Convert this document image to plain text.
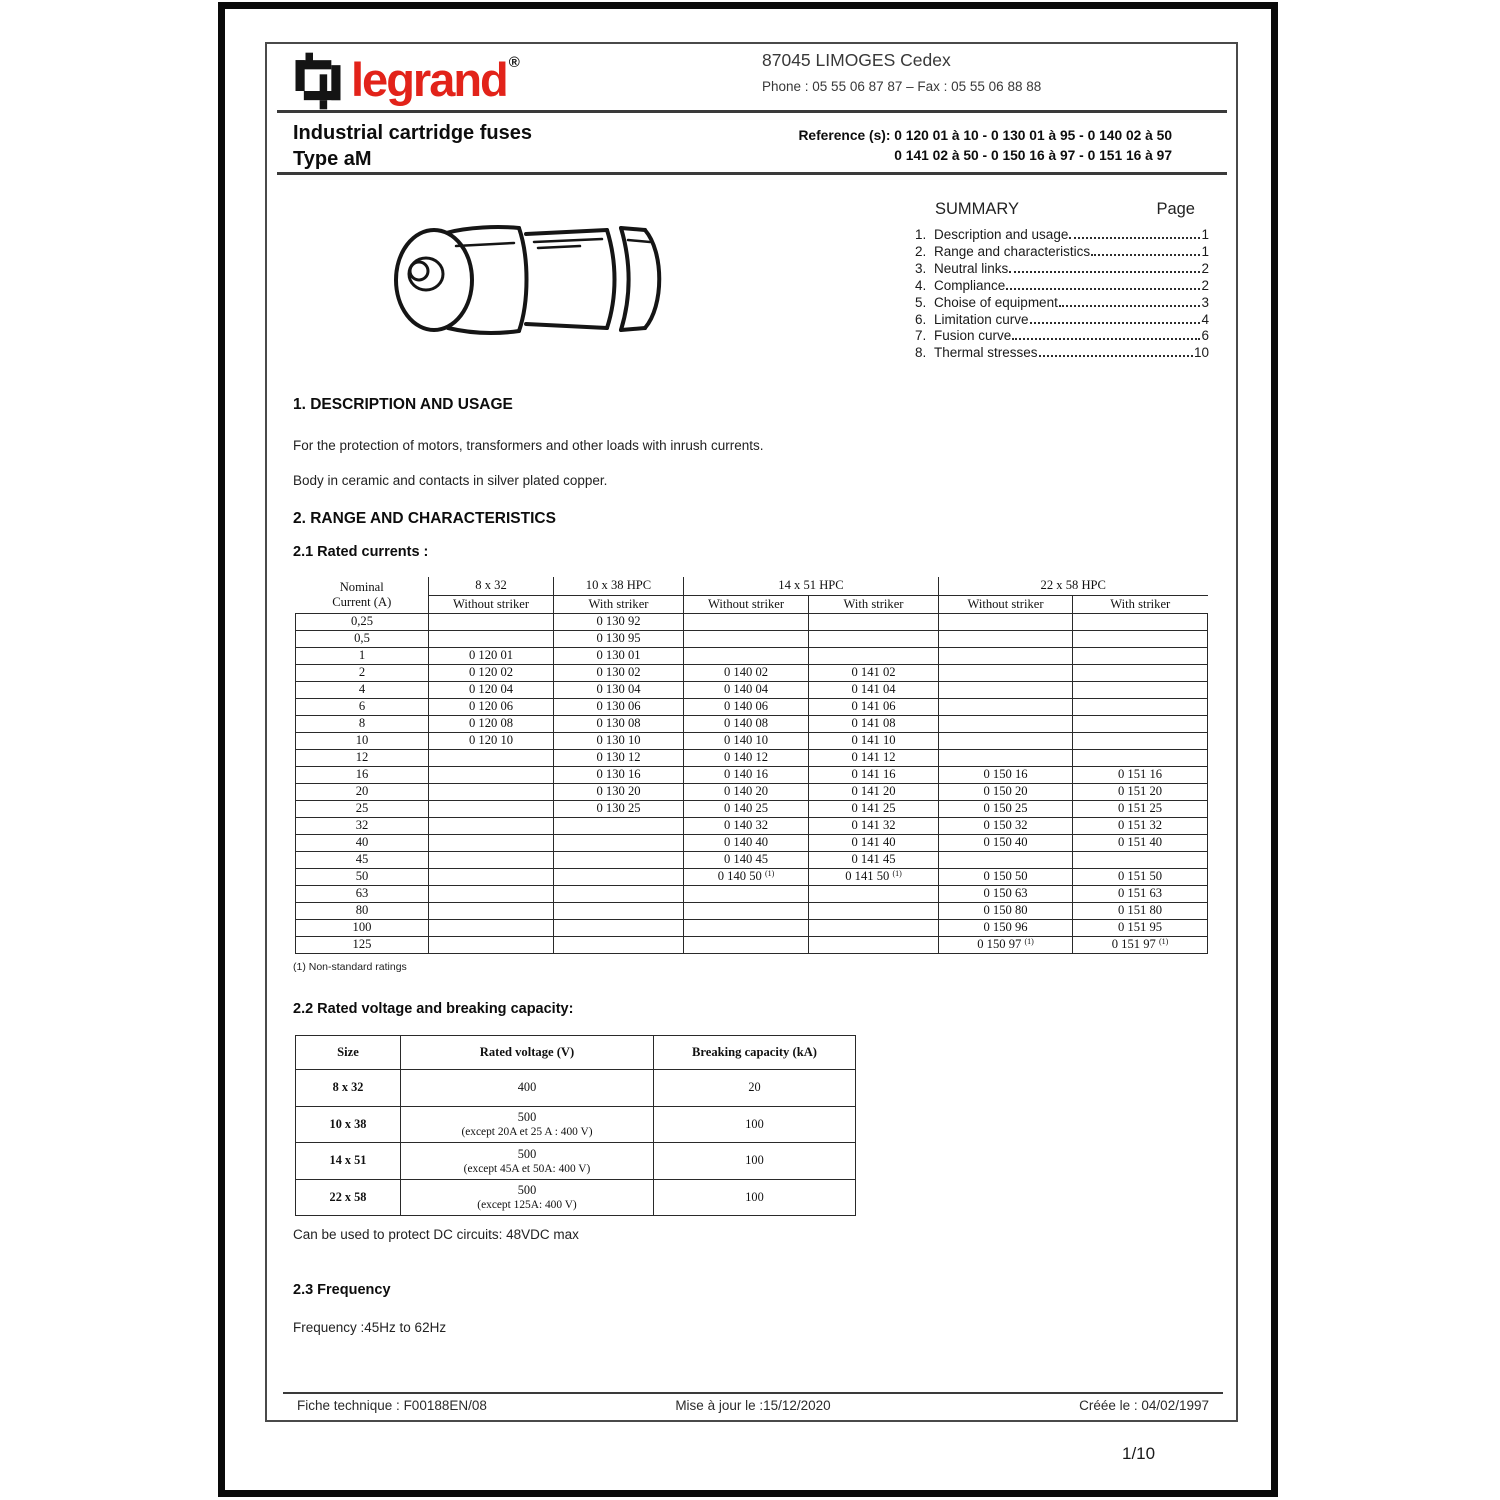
legrand ®	87045 LIMOGES Cedex
Phone : 05 55 06 87 87 – Fax : 05 55 06 88 88
Industrial cartridge fuses
Type aM
Reference (s): 0 120 01 à 10 - 0 130 01 à 95 - 0 140 02 à 50
0 141 02 à 50 - 0 150 16 à 97 - 0 151 16 à 97
SUMMARY	Page
1. Description and usage	1
2. Range and characteristics	1
3. Neutral links	2
4. Compliance	2
5. Choise of equipment	3
6. Limitation curve	4
7. Fusion curve	6
8. Thermal stresses	10
1. DESCRIPTION AND USAGE
For the protection of motors, transformers and other loads with inrush currents.
Body in ceramic and contacts in silver plated copper.
2. RANGE AND CHARACTERISTICS
2.1 Rated currents :
Nominal
Current (A)	8 x 32	10 x 38 HPC	14 x 51 HPC		22 x 58 HPC	
	Without striker	With striker	Without striker	With striker	Without striker	With striker
0,25		0 130 92				
0,5		0 130 95				
1	0 120 01	0 130 01				
2	0 120 02	0 130 02	0 140 02	0 141 02		
4	0 120 04	0 130 04	0 140 04	0 141 04		
6	0 120 06	0 130 06	0 140 06	0 141 06		
8	0 120 08	0 130 08	0 140 08	0 141 08		
10	0 120 10	0 130 10	0 140 10	0 141 10		
12		0 130 12	0 140 12	0 141 12		
16		0 130 16	0 140 16	0 141 16	0 150 16	0 151 16
20		0 130 20	0 140 20	0 141 20	0 150 20	0 151 20
25		0 130 25	0 140 25	0 141 25	0 150 25	0 151 25
32			0 140 32	0 141 32	0 150 32	0 151 32
40			0 140 40	0 141 40	0 150 40	0 151 40
45			0 140 45	0 141 45		
50			0 140 50 $^{(1)}$	0 141 50 $^{(1)}$	0 150 50	0 151 50
63					0 150 63	0 151 63
80					0 150 80	0 151 80
100					0 150 96	0 151 95
125					0 150 97 $^{(1)}$	0 151 97 $^{(1)}$
(1) Non-standard ratings
2.2 Rated voltage and breaking capacity:
Size	Rated voltage (V)	Breaking capacity (kA)
8 x 32	400	20
10 x 38	500
(except 20A et 25 A : 400 V)	100
14 x 51	500
(except 45A et 50A: 400 V)	100
22 x 58	500
(except 125A: 400 V)	100
Can be used to protect DC circuits: 48VDC max
2.3 Frequency
Frequency :45Hz to 62Hz
Fiche technique : F00188EN/08	Mise à jour le :15/12/2020	Créée le : 04/02/1997
1/10
